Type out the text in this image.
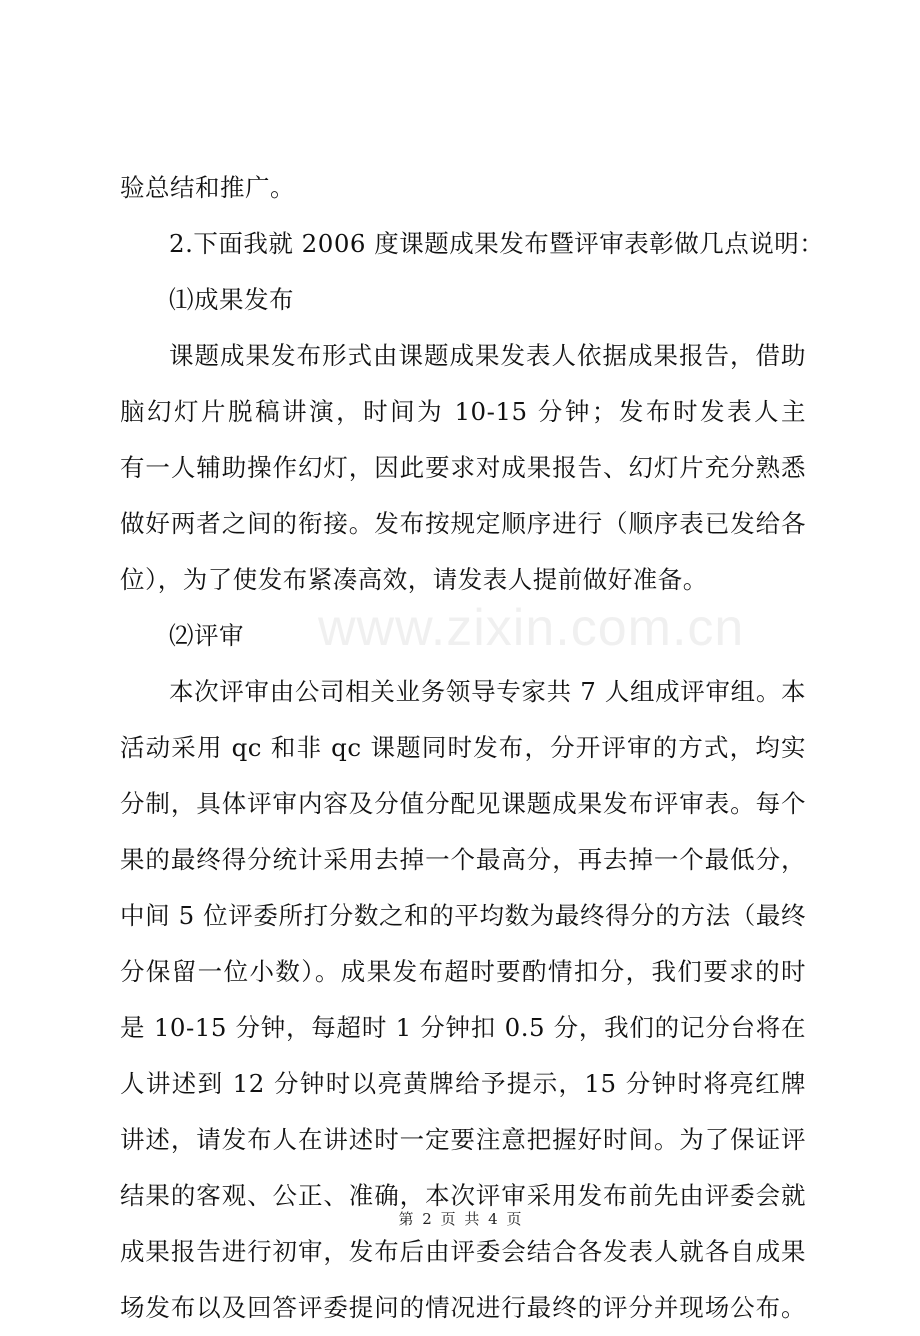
www.zixin.com.cn
验总结和推广。
2.下面我就 2006 度课题成果发布暨评审表彰做几点说明：
⑴成果发布
课题成果发布形式由课题成果发表人依据成果报告，借助
脑幻灯片脱稿讲演，时间为 10-15 分钟；发布时发表人主
有一人辅助操作幻灯，因此要求对成果报告、幻灯片充分熟悉
做好两者之间的衔接。发布按规定顺序进行（顺序表已发给各
位），为了使发布紧凑高效，请发表人提前做好准备。
⑵评审
本次评审由公司相关业务领导专家共 7 人组成评审组。本
活动采用 qc 和非 qc 课题同时发布，分开评审的方式，均实
分制，具体评审内容及分值分配见课题成果发布评审表。每个
果的最终得分统计采用去掉一个最高分，再去掉一个最低分，
中间 5 位评委所打分数之和的平均数为最终得分的方法（最终
分保留一位小数）。成果发布超时要酌情扣分，我们要求的时
是 10-15 分钟，每超时 1 分钟扣 0.5 分，我们的记分台将在
人讲述到 12 分钟时以亮黄牌给予提示，15 分钟时将亮红牌
讲述，请发布人在讲述时一定要注意把握好时间。为了保证评
结果的客观、公正、准确，本次评审采用发布前先由评委会就
成果报告进行初审，发布后由评委会结合各发表人就各自成果
场发布以及回答评委提问的情况进行最终的评分并现场公布。
第 2 页 共 4 页
